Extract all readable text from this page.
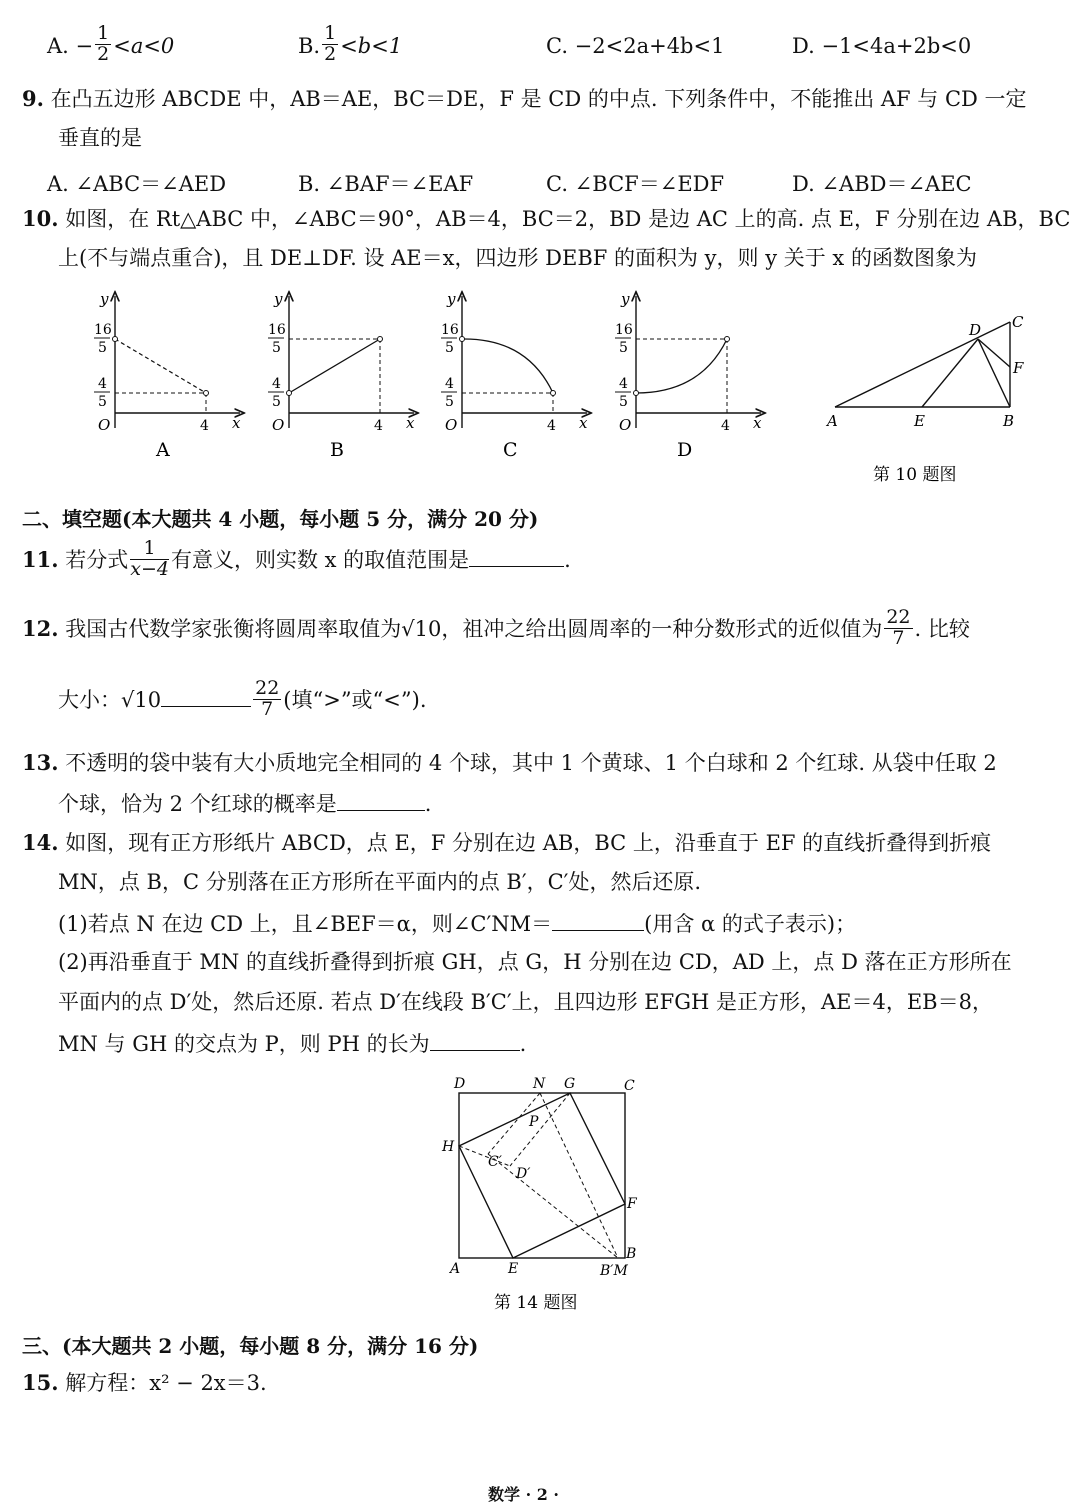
A. − $\frac{1}{2} <a<0$	B. $\frac{1}{2} <b<1$	C. −2<2a+4b<1	D. −1<4a+2b<0
9. 在凸五边形 ABCDE 中，AB＝AE，BC＝DE，F 是 CD 的中点. 下列条件中，不能推出 AF 与 CD 一定
垂直的是
A. ∠ABC＝∠AED	B. ∠BAF＝∠EAF	C. ∠BCF＝∠EDF	D. ∠ABD＝∠AEC
10. 如图，在 Rt△ABC 中，∠ABC＝90°，AB＝4，BC＝2，BD 是边 AC 上的高. 点 E，F 分别在边 AB，BC
上(不与端点重合)，且 DE⊥DF. 设 AE＝x，四边形 DEBF 的面积为 y，则 y 关于 x 的函数图象为
y
x
O
16
5
4
5
4
A
y
x
O
16
5
4
5
4
B
y
x
O
16
5
4
5
4
C
y
x
O
16
5
4
5
4
D
A	E	B
D C
F
第 10 题图
二、填空题(本大题共 4 小题，每小题 5 分，满分 20 分)
11. 若分式 $\frac{1}{x-4}$ 有意义，则实数 x 的取值范围是	.
12. 我国古代数学家张衡将圆周率取值为√10，祖冲之给出圆周率的一种分数形式的近似值为 $\frac{22}{7}$ . 比较
大小：√10	$\frac{22}{7}$ (填“>”或“<”).
13. 不透明的袋中装有大小质地完全相同的 4 个球，其中 1 个黄球、1 个白球和 2 个红球. 从袋中任取 2
个球，恰为 2 个红球的概率是	.
14. 如图，现有正方形纸片 ABCD，点 E，F 分别在边 AB，BC 上，沿垂直于 EF 的直线折叠得到折痕
MN，点 B，C 分别落在正方形所在平面内的点 B′，C′处，然后还原.
(1)若点 N 在边 CD 上，且∠BEF＝α，则∠C′NM＝	(用含 α 的式子表示)；
(2)再沿垂直于 MN 的直线折叠得到折痕 GH，点 G，H 分别在边 CD，AD 上，点 D 落在正方形所在
平面内的点 D′处，然后还原. 若点 D′在线段 B′C′上，且四边形 EFGH 是正方形，AE＝4，EB＝8，
MN 与 GH 的交点为 P，则 PH 的长为	.
D	N G	C
H
P
C′
D′
F
A	E	B′M
B
第 14 题图
三、(本大题共 2 小题，每小题 8 分，满分 16 分)
15. 解方程：x² − 2x＝3.
数学 · 2 ·
